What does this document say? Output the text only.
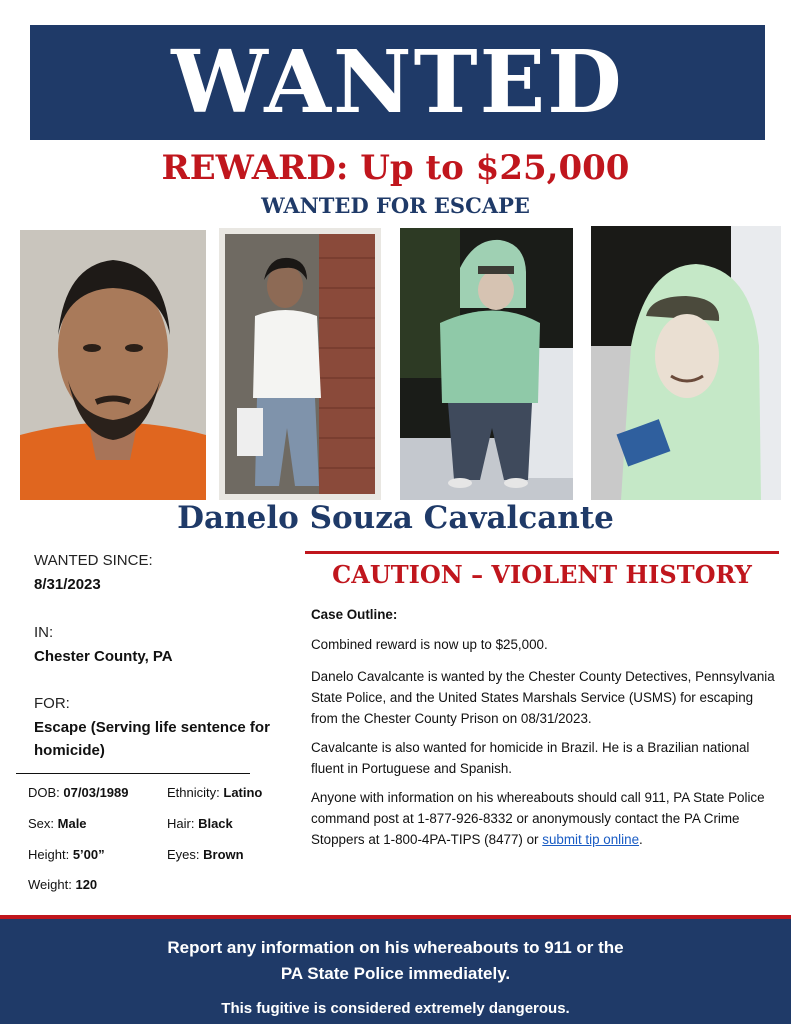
WANTED
REWARD: Up to $25,000
WANTED FOR ESCAPE
Danelo Souza Cavalcante
WANTED SINCE:
8/31/2023
IN:
Chester County, PA
FOR:
Escape (Serving life sentence for
homicide)
DOB: 07/03/1989	Ethnicity: Latino
Sex: Male	Hair: Black
Height: 5’00”	Eyes: Brown
Weight: 120
CAUTION – VIOLENT HISTORY
Case Outline:
Combined reward is now up to $25,000.
Danelo Cavalcante is wanted by the Chester County Detectives, Pennsylvania State Police, and the United States Marshals Service (USMS) for escaping from the Chester County Prison on 08/31/2023.
Cavalcante is also wanted for homicide in Brazil. He is a Brazilian national fluent in Portuguese and Spanish.
Anyone with information on his whereabouts should call 911, PA State Police command post at 1-877-926-8332 or anonymously contact the PA Crime Stoppers at 1-800-4PA-TIPS (8477) or submit tip online.
Report any information on his whereabouts to 911 or the
PA State Police immediately.
This fugitive is considered extremely dangerous.
